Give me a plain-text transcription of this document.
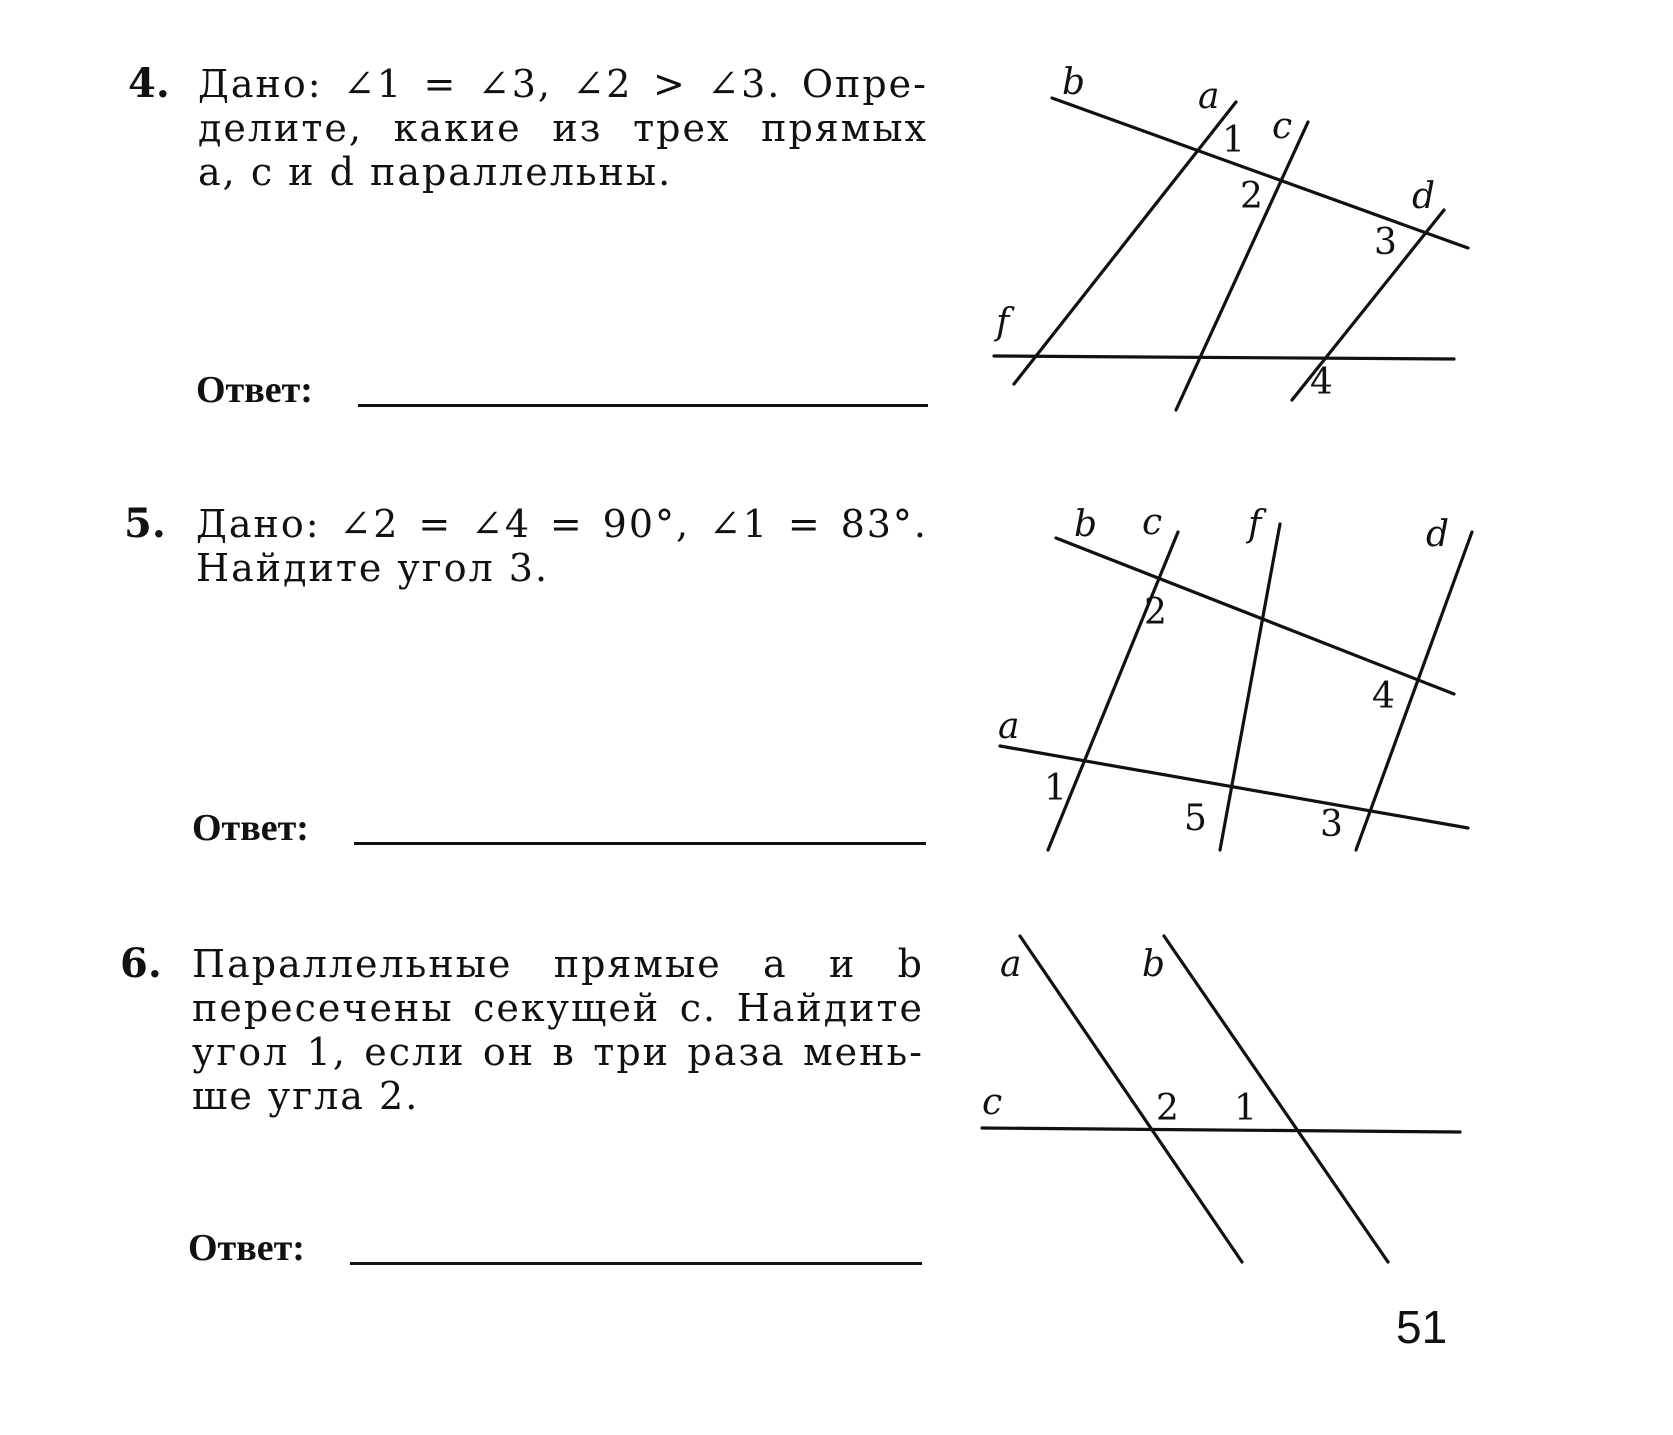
4. Дано: ∠1 = ∠3, ∠2 > ∠3. Опре-
делите, какие из трех прямых
a, c и d параллельны.
Ответ:
b	a
c
d
f
1
2
3
4
5. Дано: ∠2 = ∠4 = 90°, ∠1 = 83°.
Найдите угол 3.
Ответ:
b c f	d
a
2
4
1
5	3
6. Параллельные прямые a и b
пересечены секущей c. Найдите
угол 1, если он в три раза мень-
ше угла 2.
Ответ:
a	b
c	2 1
51
